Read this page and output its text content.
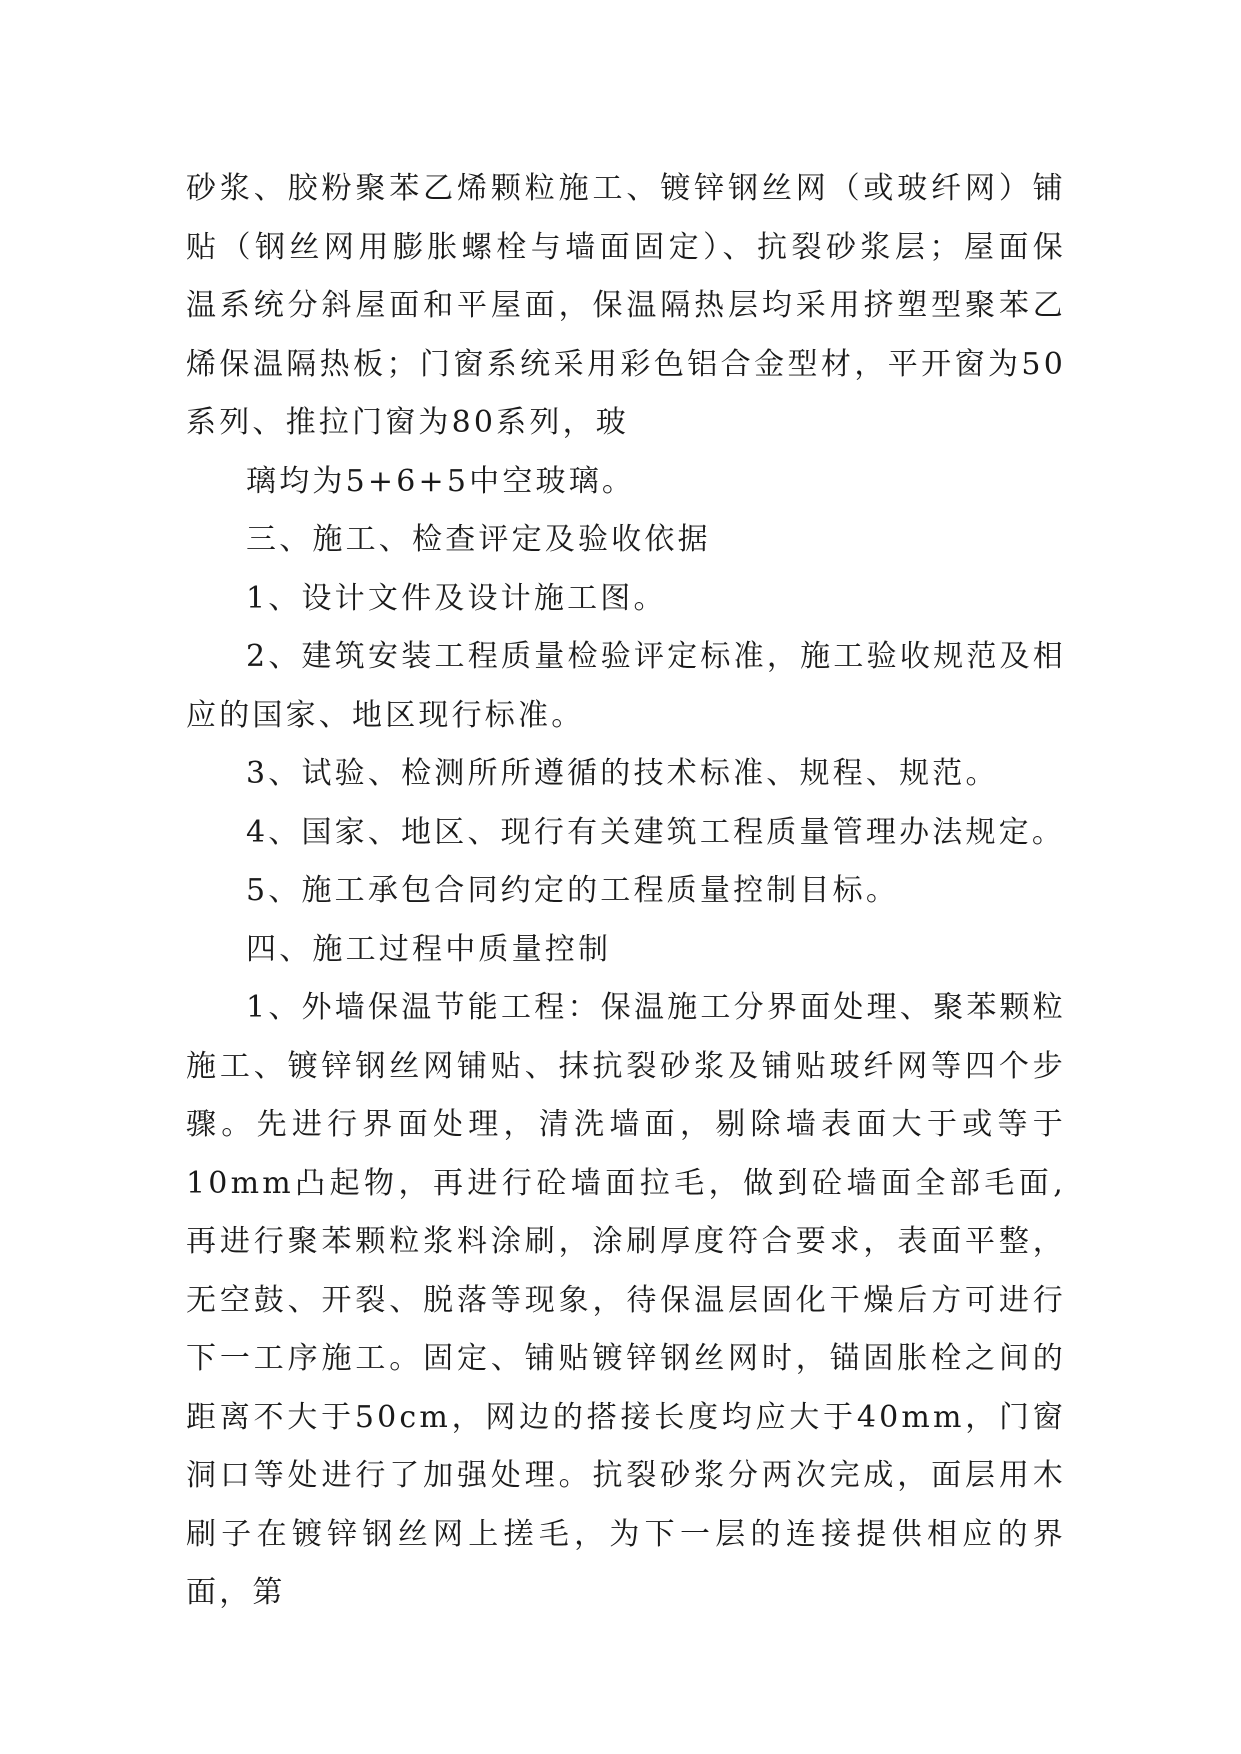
砂浆、胶粉聚苯乙烯颗粒施工、镀锌钢丝网（或玻纤网）铺贴（钢丝网用膨胀螺栓与墙面固定）、抗裂砂浆层；屋面保温系统分斜屋面和平屋面，保温隔热层均采用挤塑型聚苯乙烯保温隔热板；门窗系统采用彩色铝合金型材，平开窗为50系列、推拉门窗为80系列，玻

璃均为5+6+5中空玻璃。

三、施工、检查评定及验收依据

1、设计文件及设计施工图。

2、建筑安装工程质量检验评定标准，施工验收规范及相应的国家、地区现行标准。

3、试验、检测所所遵循的技术标准、规程、规范。

4、国家、地区、现行有关建筑工程质量管理办法规定。

5、施工承包合同约定的工程质量控制目标。

四、施工过程中质量控制

1、外墙保温节能工程：保温施工分界面处理、聚苯颗粒施工、镀锌钢丝网铺贴、抹抗裂砂浆及铺贴玻纤网等四个步骤。先进行界面处理，清洗墙面，剔除墙表面大于或等于10mm凸起物，再进行砼墙面拉毛，做到砼墙面全部毛面,再进行聚苯颗粒浆料涂刷，涂刷厚度符合要求，表面平整，无空鼓、开裂、脱落等现象，待保温层固化干燥后方可进行下一工序施工。固定、铺贴镀锌钢丝网时，锚固胀栓之间的距离不大于50cm，网边的搭接长度均应大于40mm，门窗洞口等处进行了加强处理。抗裂砂浆分两次完成，面层用木刷子在镀锌钢丝网上搓毛，为下一层的连接提供相应的界面，第
